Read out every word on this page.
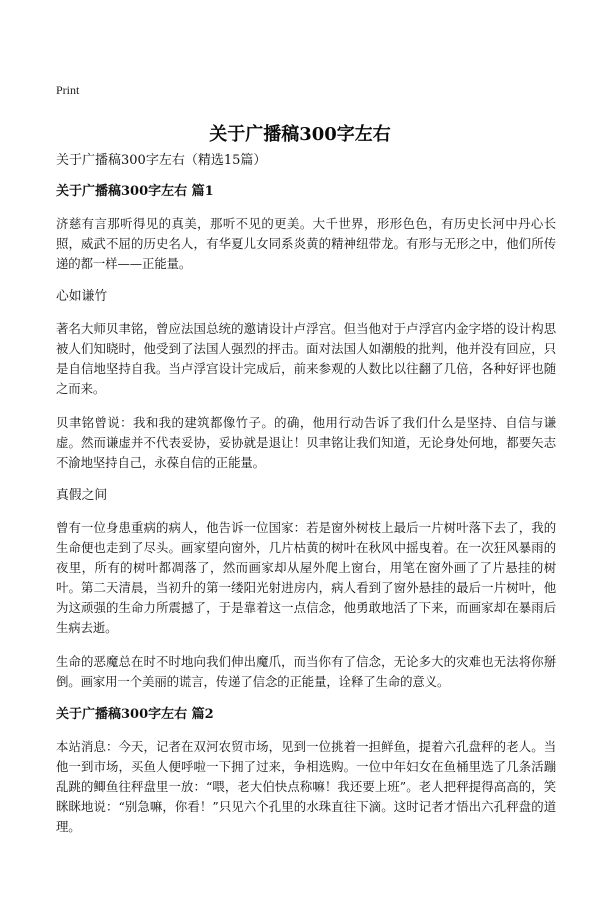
Print
关于广播稿300字左右

关于广播稿300字左右（精选15篇）

关于广播稿300字左右 篇1

济慈有言那听得见的真美，那听不见的更美。大千世界，形形色色，有历史长河中丹心长照，威武不屈的历史名人，有华夏儿女同系炎黄的精神纽带龙。有形与无形之中，他们所传递的都一样——正能量。

心如谦竹

著名大师贝聿铭，曾应法国总统的邀请设计卢浮宫。但当他对于卢浮宫内金字塔的设计构思被人们知晓时，他受到了法国人强烈的抨击。面对法国人如潮般的批判，他并没有回应，只是自信地坚持自我。当卢浮宫设计完成后，前来参观的人数比以往翻了几倍，各种好评也随之而来。

贝聿铭曾说：我和我的建筑都像竹子。的确，他用行动告诉了我们什么是坚持、自信与谦虚。然而谦虚并不代表妥协，妥协就是退让！贝聿铭让我们知道，无论身处何地，都要矢志不渝地坚持自己，永葆自信的正能量。

真假之间

曾有一位身患重病的病人，他告诉一位国家：若是窗外树枝上最后一片树叶落下去了，我的生命便也走到了尽头。画家望向窗外，几片枯黄的树叶在秋风中摇曳着。在一次狂风暴雨的夜里，所有的树叶都凋落了，然而画家却从屋外爬上窗台，用笔在窗外画了了片悬挂的树叶。第二天清晨，当初升的第一缕阳光射进房内，病人看到了窗外悬挂的最后一片树叶，他为这顽强的生命力所震撼了，于是靠着这一点信念，他勇敢地活了下来，而画家却在暴雨后生病去逝。

生命的恶魔总在时不时地向我们伸出魔爪，而当你有了信念，无论多大的灾难也无法将你掰倒。画家用一个美丽的谎言，传递了信念的正能量，诠释了生命的意义。

关于广播稿300字左右 篇2

本站消息：今天，记者在双河农贸市场，见到一位挑着一担鲜鱼，提着六孔盘秤的老人。当他一到市场，买鱼人便呼啦一下拥了过来，争相选购。一位中年妇女在鱼桶里选了几条活蹦乱跳的鲫鱼往秤盘里一放：“喂，老大伯快点称嘛！我还要上班”。老人把秤提得高高的，笑眯眯地说：“别急嘛，你看！”只见六个孔里的水珠直往下滴。这时记者才悟出六孔秤盘的道理。
